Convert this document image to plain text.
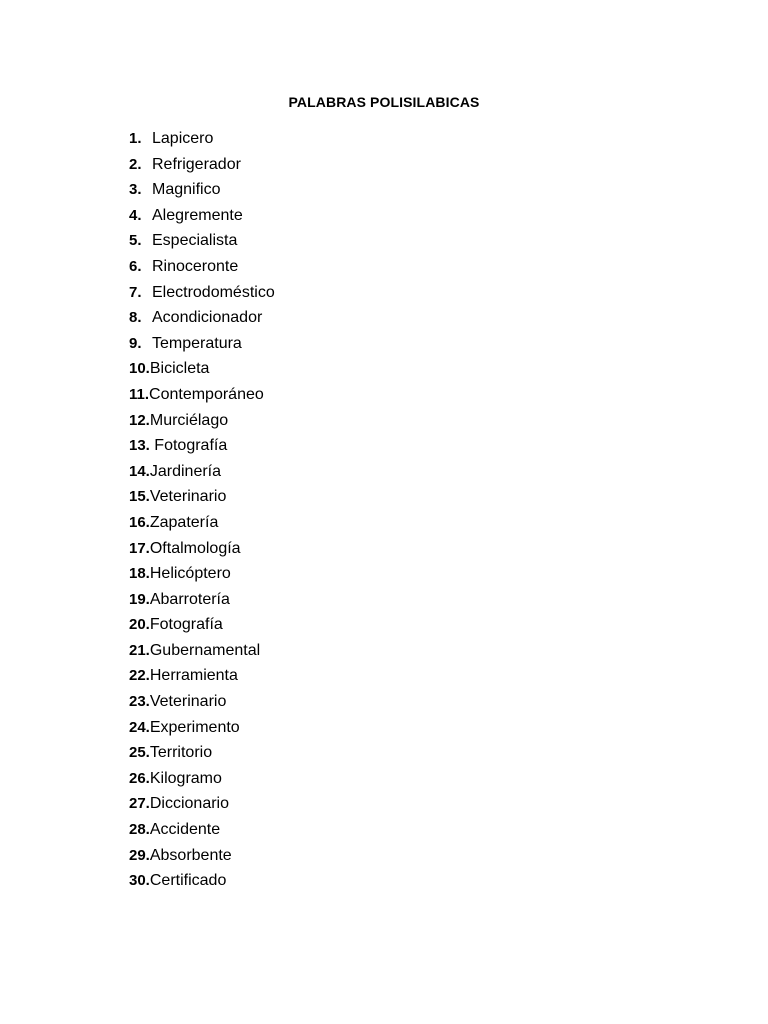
PALABRAS POLISILABICAS
1. Lapicero
2. Refrigerador
3. Magnifico
4. Alegremente
5. Especialista
6. Rinoceronte
7. Electrodoméstico
8. Acondicionador
9. Temperatura
10.Bicicleta
11.Contemporáneo
12.Murciélago
13. Fotografía
14.Jardinería
15.Veterinario
16.Zapatería
17.Oftalmología
18.Helicóptero
19.Abarrotería
20.Fotografía
21.Gubernamental
22.Herramienta
23.Veterinario
24.Experimento
25.Territorio
26.Kilogramo
27.Diccionario
28.Accidente
29.Absorbente
30.Certificado
